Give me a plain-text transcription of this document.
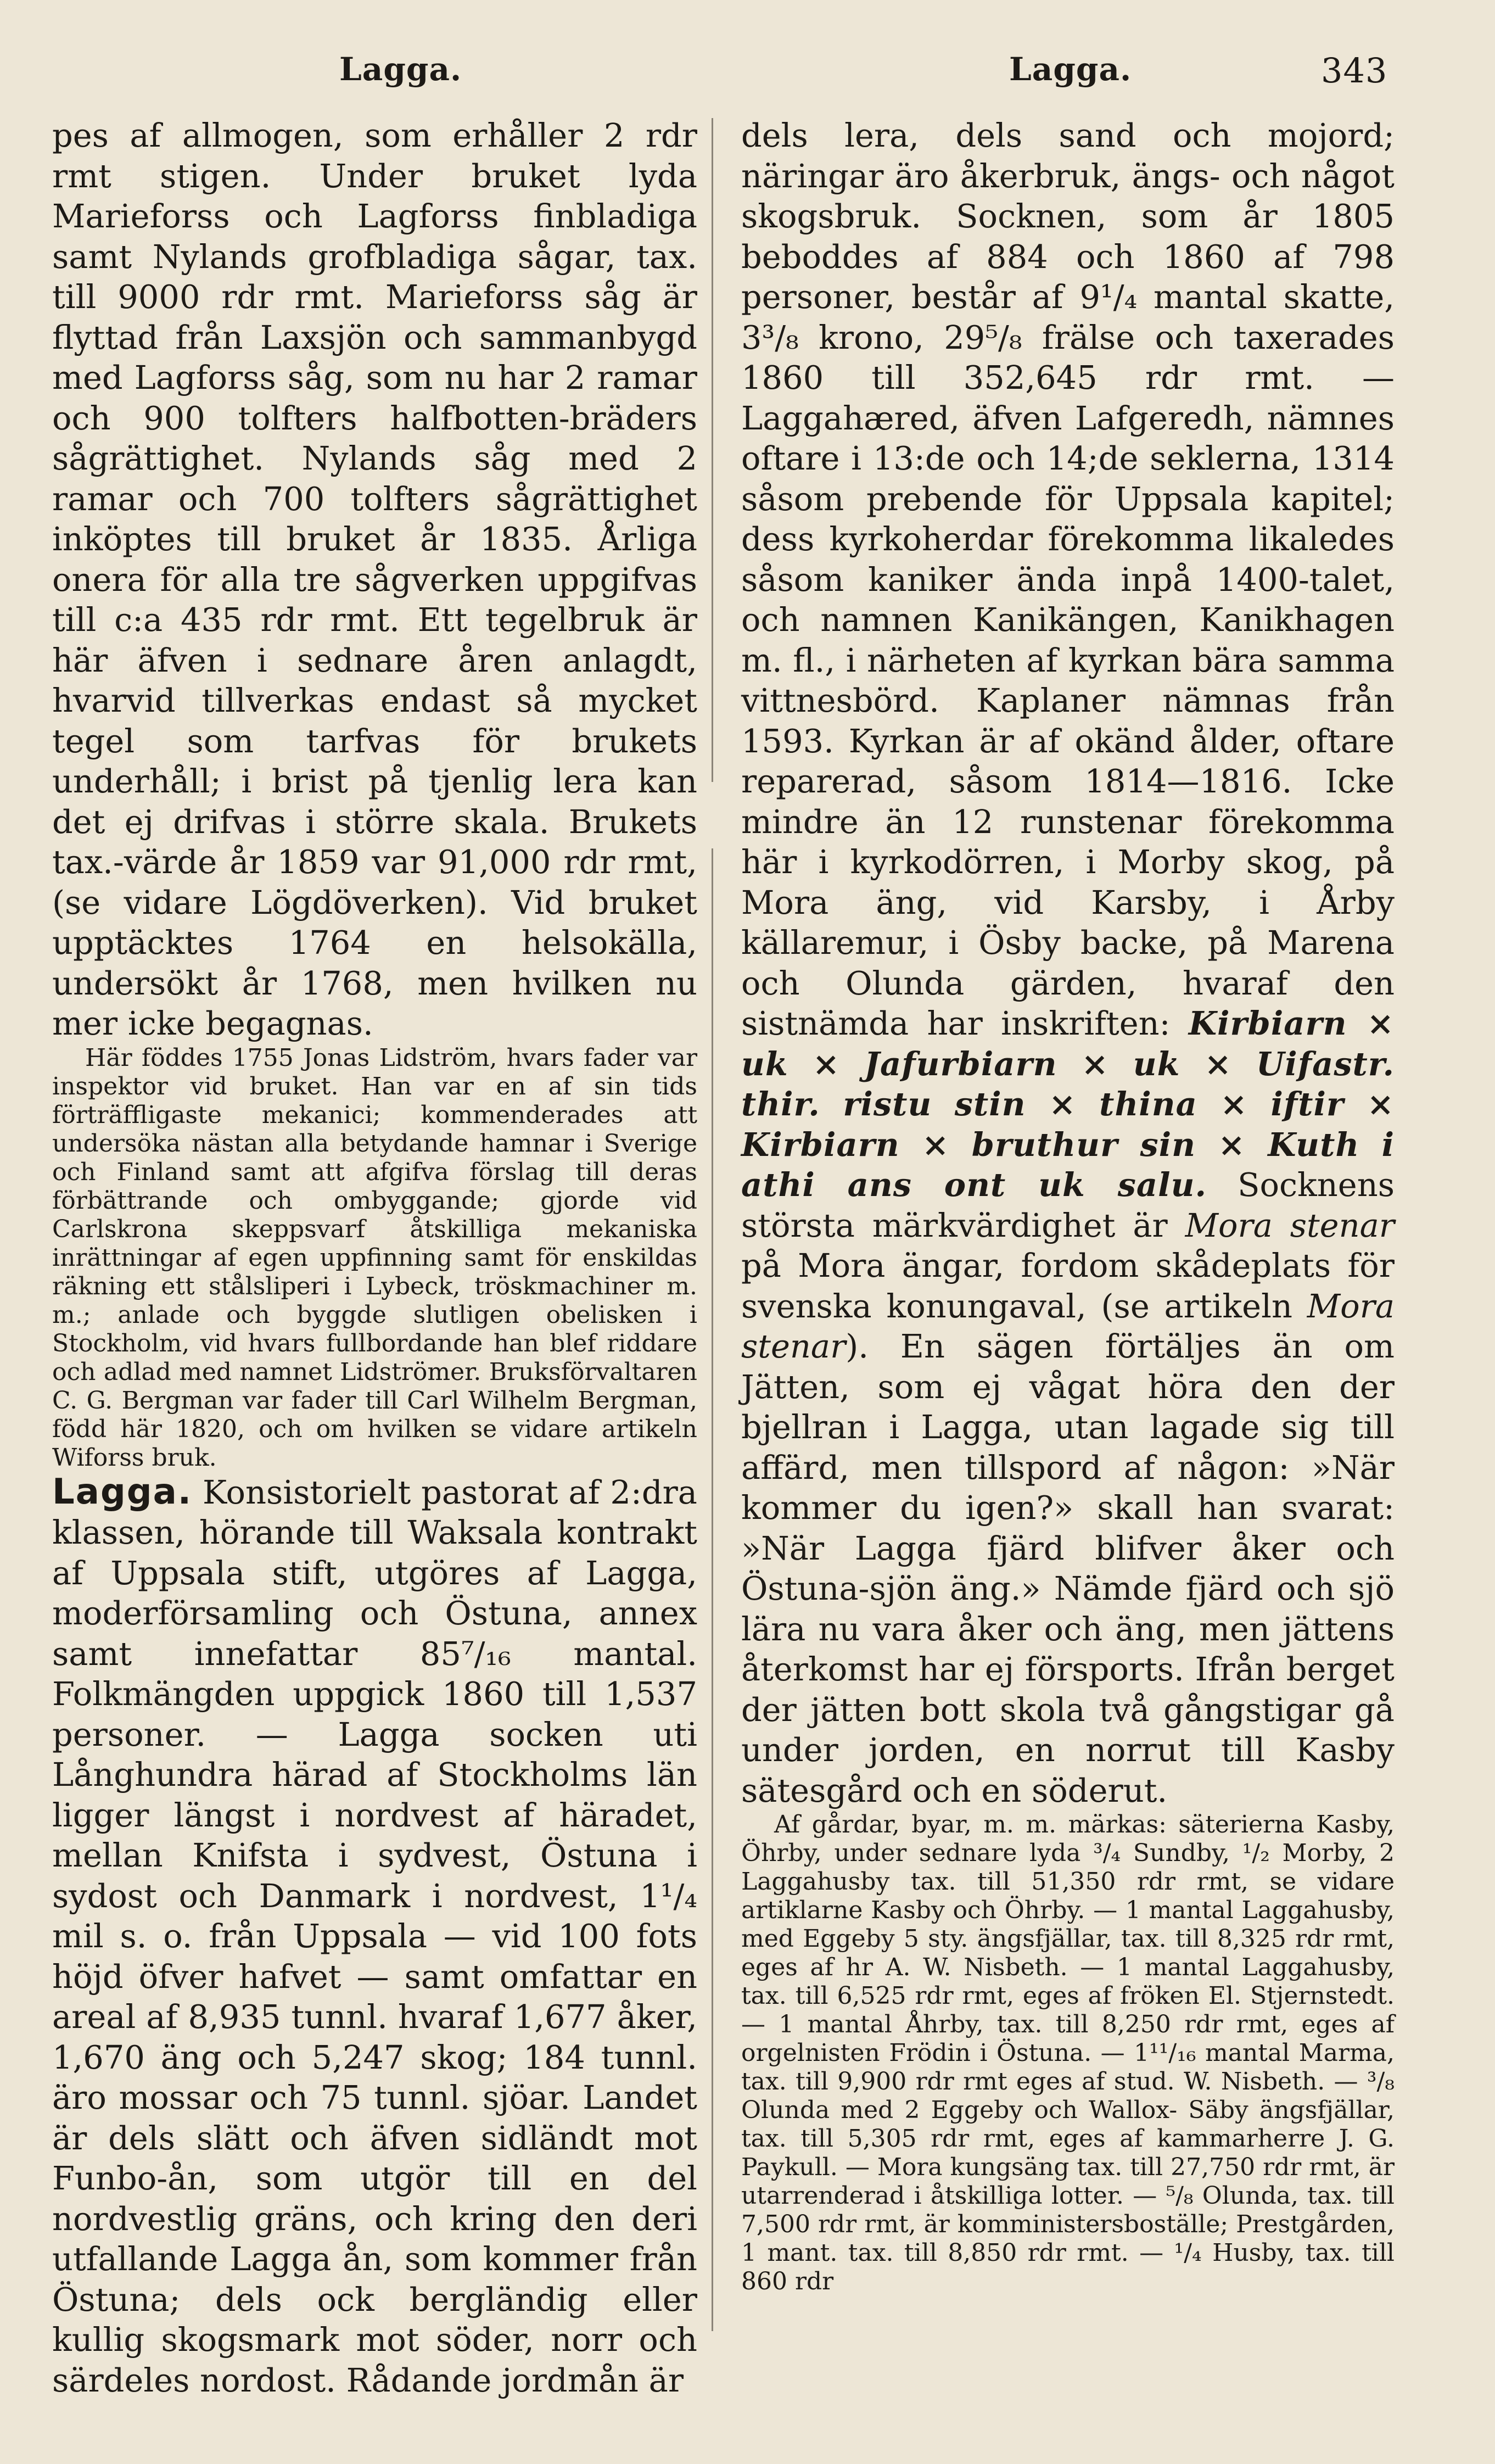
Lagga.	Lagga.	343

pes af allmogen, som erhåller 2 rdr rmt stigen. Under bruket lyda Marieforss och Lagforss finbladiga samt Nylands grofbladiga sågar, tax. till 9000 rdr rmt. Marieforss såg är flyttad från Laxsjön och sammanbygd med Lagforss såg, som nu har 2 ramar och 900 tolfters halfbotten-bräders sågrättighet. Nylands såg med 2 ramar och 700 tolfters sågrättighet inköptes till bruket år 1835. Årliga onera för alla tre sågverken uppgifvas till c:a 435 rdr rmt. Ett tegelbruk är här äfven i sednare åren anlagdt, hvarvid tillverkas endast så mycket tegel som tarfvas för brukets underhåll; i brist på tjenlig lera kan det ej drifvas i större skala. Brukets tax.-värde år 1859 var 91,000 rdr rmt, (se vidare Lögdöverken). Vid bruket upptäcktes 1764 en helsokälla, undersökt år 1768, men hvilken nu mer icke begagnas.

Här föddes 1755 Jonas Lidström, hvars fader var inspektor vid bruket. Han var en af sin tids förträffligaste mekanici; kommenderades att undersöka nästan alla betydande hamnar i Sverige och Finland samt att afgifva förslag till deras förbättrande och ombyggande; gjorde vid Carlskrona skeppsvarf åtskilliga mekaniska inrättningar af egen uppfinning samt för enskildas räkning ett stålsliperi i Lybeck, tröskmachiner m. m.; anlade och byggde slutligen obelisken i Stockholm, vid hvars fullbordande han blef riddare och adlad med namnet Lidströmer. Bruksförvaltaren C. G. Bergman var fader till Carl Wilhelm Bergman, född här 1820, och om hvilken se vidare artikeln Wiforss bruk.

Lagga. Konsistorielt pastorat af 2:dra klassen, hörande till Waksala kontrakt af Uppsala stift, utgöres af Lagga, moderförsamling och Östuna, annex samt innefattar 85⁷/₁₆ mantal. Folkmängden uppgick 1860 till 1,537 personer. — Lagga socken uti Långhundra härad af Stockholms län ligger längst i nordvest af häradet, mellan Knifsta i sydvest, Östuna i sydost och Danmark i nordvest, 1¹/₄ mil s. o. från Uppsala — vid 100 fots höjd öfver hafvet — samt omfattar en areal af 8,935 tunnl. hvaraf 1,677 åker, 1,670 äng och 5,247 skog; 184 tunnl. äro mossar och 75 tunnl. sjöar. Landet är dels slätt och äfven sidländt mot Funbo-ån, som utgör till en del nordvestlig gräns, och kring den deri utfallande Lagga ån, som kommer från Östuna; dels ock bergländig eller kullig skogsmark mot söder, norr och särdeles nordost. Rådande jordmån är

dels lera, dels sand och mojord; näringar äro åkerbruk, ängs- och något skogsbruk. Socknen, som år 1805 beboddes af 884 och 1860 af 798 personer, består af 9¹/₄ mantal skatte, 3³/₈ krono, 29⁵/₈ frälse och taxerades 1860 till 352,645 rdr rmt. — Laggahæred, äfven Lafgeredh, nämnes oftare i 13:de och 14;de seklerna, 1314 såsom prebende för Uppsala kapitel; dess kyrkoherdar förekomma likaledes såsom kaniker ända inpå 1400-talet, och namnen Kanikängen, Kanikhagen m. fl., i närheten af kyrkan bära samma vittnesbörd. Kaplaner nämnas från 1593. Kyrkan är af okänd ålder, oftare reparerad, såsom 1814—1816. Icke mindre än 12 runstenar förekomma här i kyrkodörren, i Morby skog, på Mora äng, vid Karsby, i Årby källaremur, i Ösby backe, på Marena och Olunda gärden, hvaraf den sistnämda har inskriften: Kirbiarn × uk × Jafurbiarn × uk × Uifastr. thir. ristu stin × thina × iftir × Kirbiarn × bruthur sin × Kuth i athi ans ont uk salu. Socknens största märkvärdighet är Mora stenar på Mora ängar, fordom skådeplats för svenska konungaval, (se artikeln Mora stenar). En sägen förtäljes än om Jätten, som ej vågat höra den der bjellran i Lagga, utan lagade sig till affärd, men tillspord af någon: »När kommer du igen?» skall han svarat: »När Lagga fjärd blifver åker och Östuna-sjön äng.» Nämde fjärd och sjö lära nu vara åker och äng, men jättens återkomst har ej försports. Ifrån berget der jätten bott skola två gångstigar gå under jorden, en norrut till Kasby sätesgård och en söderut.

Af gårdar, byar, m. m. märkas: säterierna Kasby, Öhrby, under sednare lyda ³/₄ Sundby, ¹/₂ Morby, 2 Laggahusby tax. till 51,350 rdr rmt, se vidare artiklarne Kasby och Öhrby. — 1 mantal Laggahusby, med Eggeby 5 sty. ängsfjällar, tax. till 8,325 rdr rmt, eges af hr A. W. Nisbeth. — 1 mantal Laggahusby, tax. till 6,525 rdr rmt, eges af fröken El. Stjernstedt. — 1 mantal Åhrby, tax. till 8,250 rdr rmt, eges af orgelnisten Frödin i Östuna. — 1¹¹/₁₆ mantal Marma, tax. till 9,900 rdr rmt eges af stud. W. Nisbeth. — ³/₈ Olunda med 2 Eggeby och Wallox- Säby ängsfjällar, tax. till 5,305 rdr rmt, eges af kammarherre J. G. Paykull. — Mora kungsäng tax. till 27,750 rdr rmt, är utarrenderad i åtskilliga lotter. — ⁵/₈ Olunda, tax. till 7,500 rdr rmt, är komministersboställe; Prestgården, 1 mant. tax. till 8,850 rdr rmt. — ¹/₄ Husby, tax. till 860 rdr
